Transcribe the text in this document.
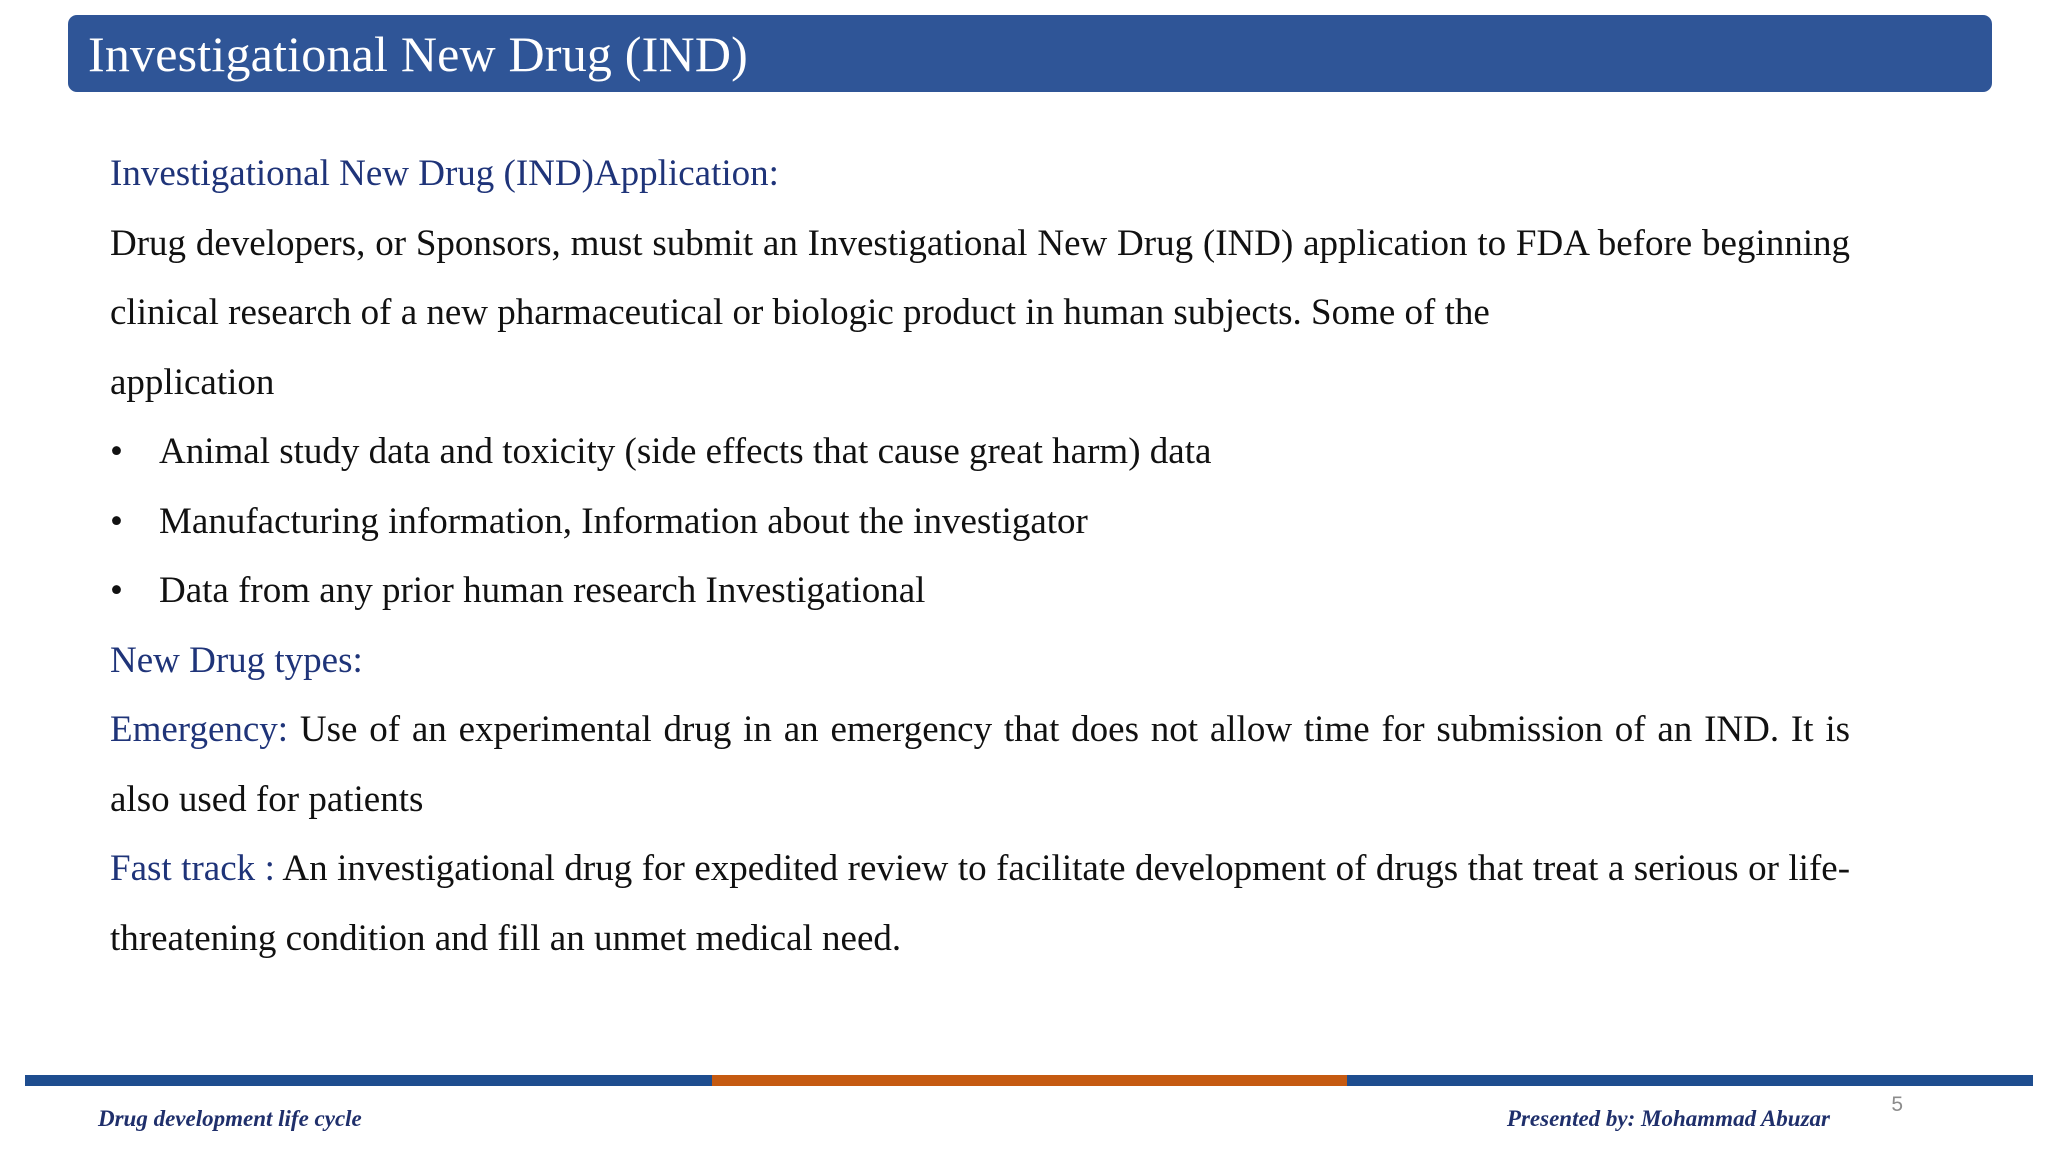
Investigational New Drug (IND)

Investigational New Drug (IND)Application:

Drug developers, or Sponsors, must submit an Investigational New Drug (IND) application to FDA before beginning clinical research of a new pharmaceutical or biologic product in human subjects. Some of the

application

• Animal study data and toxicity (side effects that cause great harm) data
• Manufacturing information, Information about the investigator
• Data from any prior human research Investigational

New Drug types:

Emergency: Use of an experimental drug in an emergency that does not allow time for submission of an IND. It is also used for patients

Fast track : An investigational drug for expedited review to facilitate development of drugs that treat a serious or life-threatening condition and fill an unmet medical need.

5
Drug development life cycle	Presented by: Mohammad Abuzar
